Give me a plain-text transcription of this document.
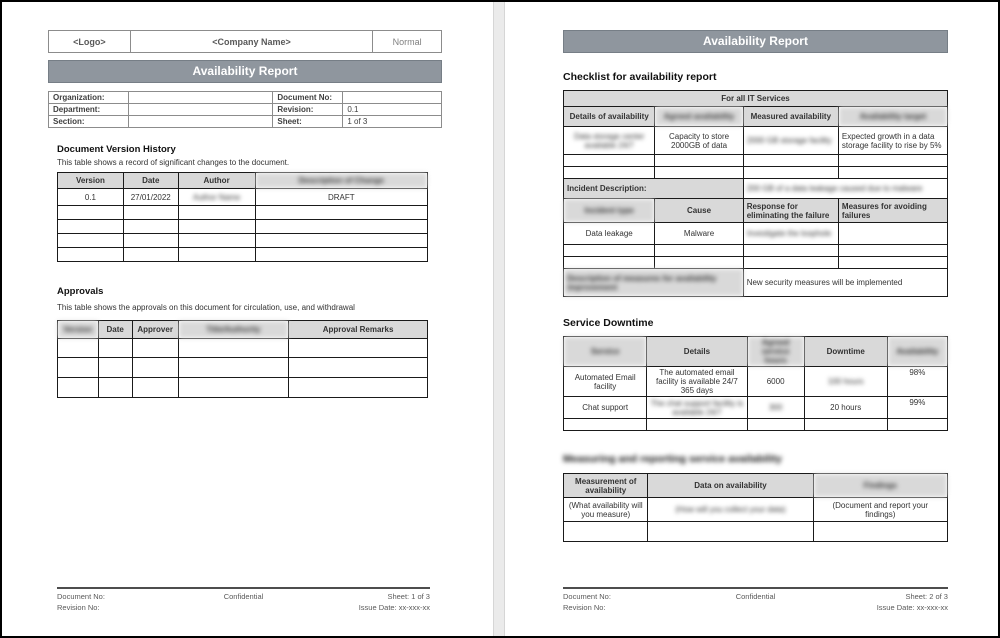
<Logo>	<Company Name>	Normal
Availability Report
Organization:		Document No:	
Department:		Revision:	0.1
Section:		Sheet:	1 of 3
Document Version History
This table shows a record of significant changes to the document.
Version	Date	Author	Description of Change
0.1	27/01/2022	Author Name	DRAFT

Approvals
This table shows the approvals on this document for circulation, use, and withdrawal
Version	Date	Approver	Title/Authority	Approval Remarks

Document No:
Revision No:
Confidential	Sheet: 1 of 3
Issue Date: xx-xxx-xx
Availability Report
Checklist for availability report
For all IT Services			
Details of availability	Agreed availability	Measured availability	Availability target
Data storage center available 24/7	Capacity to store 2000GB of data	2000 GB storage facility	Expected growth in a data storage facility to rise by 5%

Incident Description:		200 GB of a data leakage caused due to malware	
Incident type	Cause	Response for eliminating the failure	Measures for avoiding failures
Data leakage	Malware	Investigate the loophole	

Description of measures for availability improvement		New security measures will be implemented	
Service Downtime
Service	Details	Agreed service hours	Downtime	Availability
Automated Email facility	The automated email facility is available 24/7 365 days	6000	100 hours	98%
Chat support	The chat support facility is available 24/7	300	20 hours	99%

Measuring and reporting service availability
Measurement of availability	Data on availability	Findings
(What availability will you measure)	(How will you collect your data)	(Document and report your findings)

Document No:
Revision No:
Confidential	Sheet: 2 of 3
Issue Date: xx-xxx-xx
